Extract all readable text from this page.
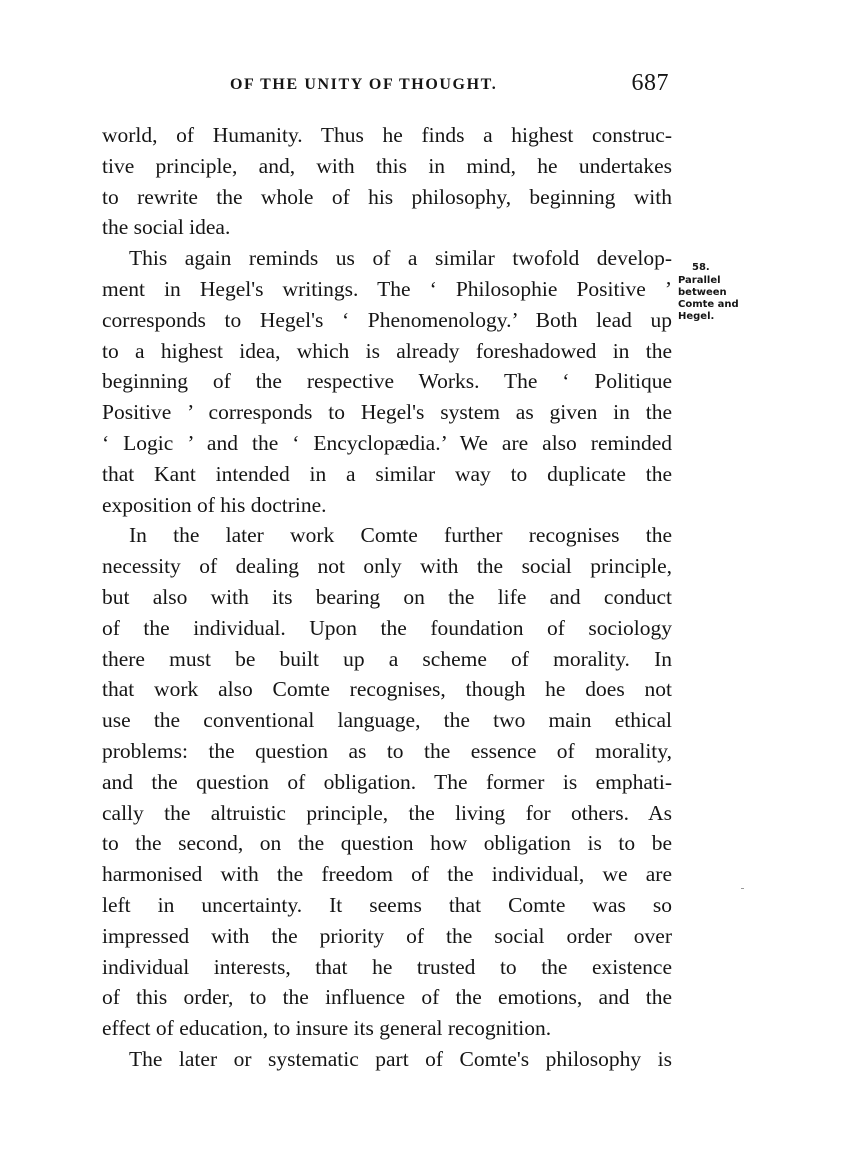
OF THE UNITY OF THOUGHT.	687
58.
Parallel
between
Comte and
Hegel.
world, of Humanity. Thus he finds a highest construc-
tive principle, and, with this in mind, he undertakes
to rewrite the whole of his philosophy, beginning with
the social idea.
This again reminds us of a similar twofold develop-
ment in Hegel's writings. The ‘ Philosophie Positive ’
corresponds to Hegel's ‘ Phenomenology.’ Both lead up
to a highest idea, which is already foreshadowed in the
beginning of the respective Works. The ‘ Politique
Positive ’ corresponds to Hegel's system as given in the
‘ Logic ’ and the ‘ Encyclopædia.’ We are also reminded
that Kant intended in a similar way to duplicate the
exposition of his doctrine.
In the later work Comte further recognises the
necessity of dealing not only with the social principle,
but also with its bearing on the life and conduct
of the individual. Upon the foundation of sociology
there must be built up a scheme of morality. In
that work also Comte recognises, though he does not
use the conventional language, the two main ethical
problems: the question as to the essence of morality,
and the question of obligation. The former is emphati-
cally the altruistic principle, the living for others. As
to the second, on the question how obligation is to be
harmonised with the freedom of the individual, we are
left in uncertainty. It seems that Comte was so
impressed with the priority of the social order over
individual interests, that he trusted to the existence
of this order, to the influence of the emotions, and the
effect of education, to insure its general recognition.
The later or systematic part of Comte's philosophy is
